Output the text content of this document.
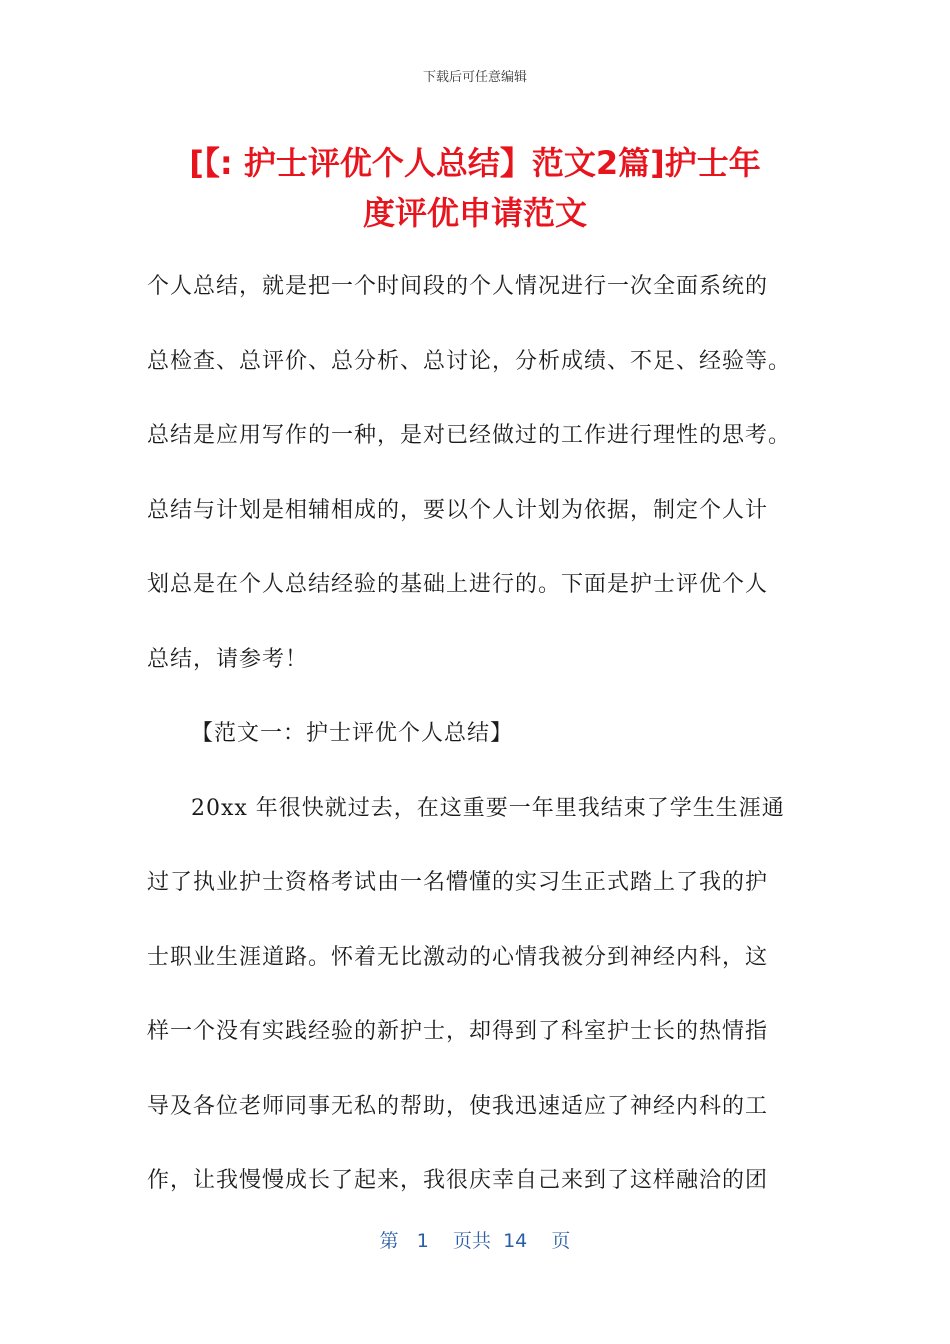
下载后可任意编辑
[【: 护士评优个人总结】范文2篇]护士年
度评优申请范文

个人总结，就是把一个时间段的个人情况进行一次全面系统的

总检查、总评价、总分析、总讨论，分析成绩、不足、经验等。

总结是应用写作的一种，是对已经做过的工作进行理性的思考。

总结与计划是相辅相成的，要以个人计划为依据，制定个人计

划总是在个人总结经验的基础上进行的。下面是护士评优个人

总结，请参考！

【范文一：护士评优个人总结】

20xx 年很快就过去，在这重要一年里我结束了学生生涯通

过了执业护士资格考试由一名懵懂的实习生正式踏上了我的护

士职业生涯道路。怀着无比激动的心情我被分到神经内科，这

样一个没有实践经验的新护士，却得到了科室护士长的热情指

导及各位老师同事无私的帮助，使我迅速适应了神经内科的工

作，让我慢慢成长了起来，我很庆幸自己来到了这样融洽的团

第 1 页共 14 页
